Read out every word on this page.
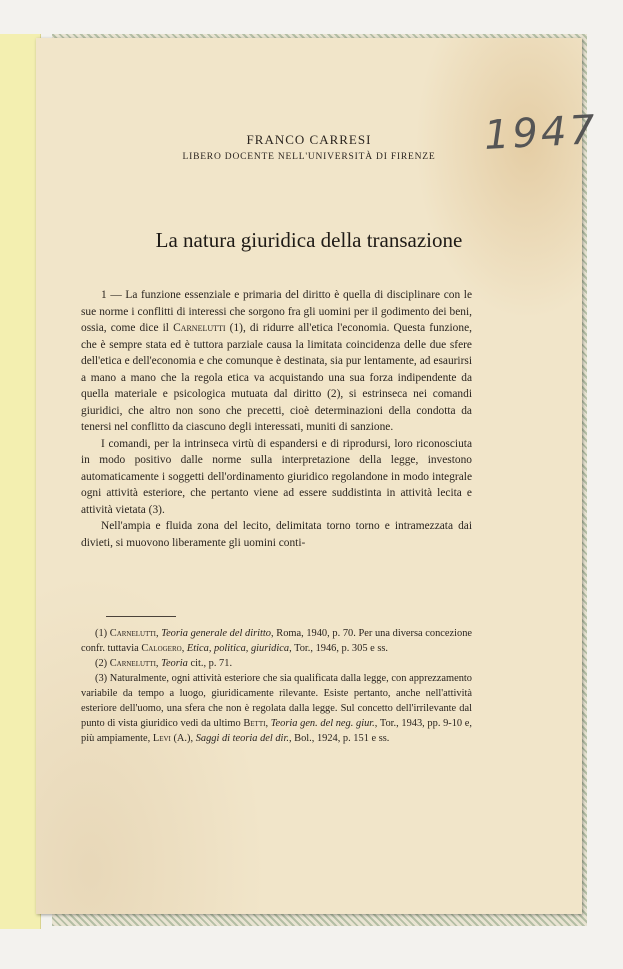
1947
FRANCO CARRESI
LIBERO DOCENTE NELL'UNIVERSITÀ DI FIRENZE
La natura giuridica della transazione

1 — La funzione essenziale e primaria del diritto è quella di disciplinare con le sue norme i conflitti di interessi che sorgono fra gli uomini per il godimento dei beni, ossia, come dice il Carnelutti (1), di ridurre all'etica l'economia. Questa funzione, che è sempre stata ed è tuttora parziale causa la limitata coincidenza delle due sfere dell'etica e dell'economia e che comunque è destinata, sia pur lentamente, ad esaurirsi a mano a mano che la regola etica va acquistando una sua forza indipendente da quella materiale e psicologica mutuata dal diritto (2), si estrinseca nei comandi giuridici, che altro non sono che precetti, cioè determinazioni della condotta da tenersi nel conflitto da ciascuno degli interessati, muniti di sanzione.

I comandi, per la intrinseca virtù di espandersi e di riprodursi, loro riconosciuta in modo positivo dalle norme sulla interpretazione della legge, investono automaticamente i soggetti dell'ordinamento giuridico regolandone in modo integrale ogni attività esteriore, che pertanto viene ad essere suddistinta in attività lecita e attività vietata (3).

Nell'ampia e fluida zona del lecito, delimitata torno torno e intramezzata dai divieti, si muovono liberamente gli uomini conti-

(1) Carnelutti, Teoria generale del diritto, Roma, 1940, p. 70. Per una diversa concezione confr. tuttavia Calogero, Etica, politica, giuridica, Tor., 1946, p. 305 e ss.

(2) Carnelutti, Teoria cit., p. 71.

(3) Naturalmente, ogni attività esteriore che sia qualificata dalla legge, con apprezzamento variabile da tempo a luogo, giuridicamente rilevante. Esiste pertanto, anche nell'attività esteriore dell'uomo, una sfera che non è regolata dalla legge. Sul concetto dell'irrilevante dal punto di vista giuridico vedi da ultimo Betti, Teoria gen. del neg. giur., Tor., 1943, pp. 9-10 e, più ampiamente, Levi (A.), Saggi di teoria del dir., Bol., 1924, p. 151 e ss.
